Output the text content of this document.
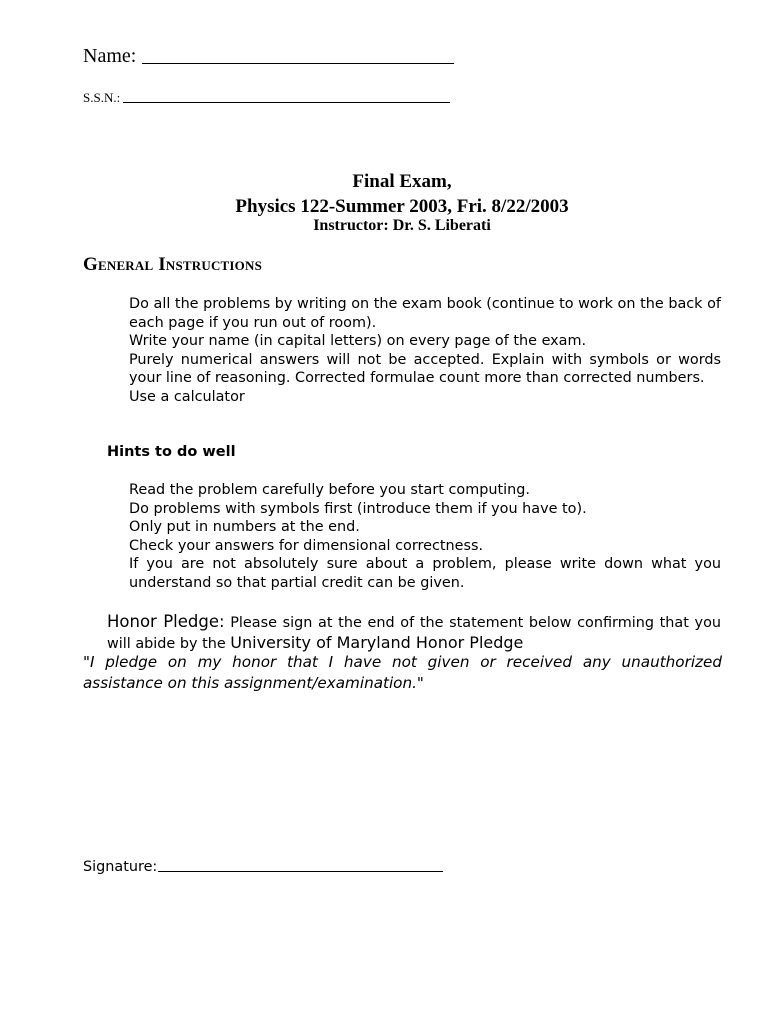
Name:
S.S.N.:
Final Exam,
Physics 122-Summer 2003, Fri. 8/22/2003
Instructor: Dr. S. Liberati
General Instructions
Do all the problems by writing on the exam book (continue to work on the back of each page if you run out of room).
Write your name (in capital letters) on every page of the exam.
Purely numerical answers will not be accepted. Explain with symbols or words your line of reasoning. Corrected formulae count more than corrected numbers.
Use a calculator
Hints to do well
Read the problem carefully before you start computing.
Do problems with symbols first (introduce them if you have to).
Only put in numbers at the end.
Check your answers for dimensional correctness.
If you are not absolutely sure about a problem, please write down what you understand so that partial credit can be given.
Honor Pledge: Please sign at the end of the statement below confirming that you will abide by the University of Maryland Honor Pledge
"I pledge on my honor that I have not given or received any unauthorized assistance on this assignment/examination."
Signature:
